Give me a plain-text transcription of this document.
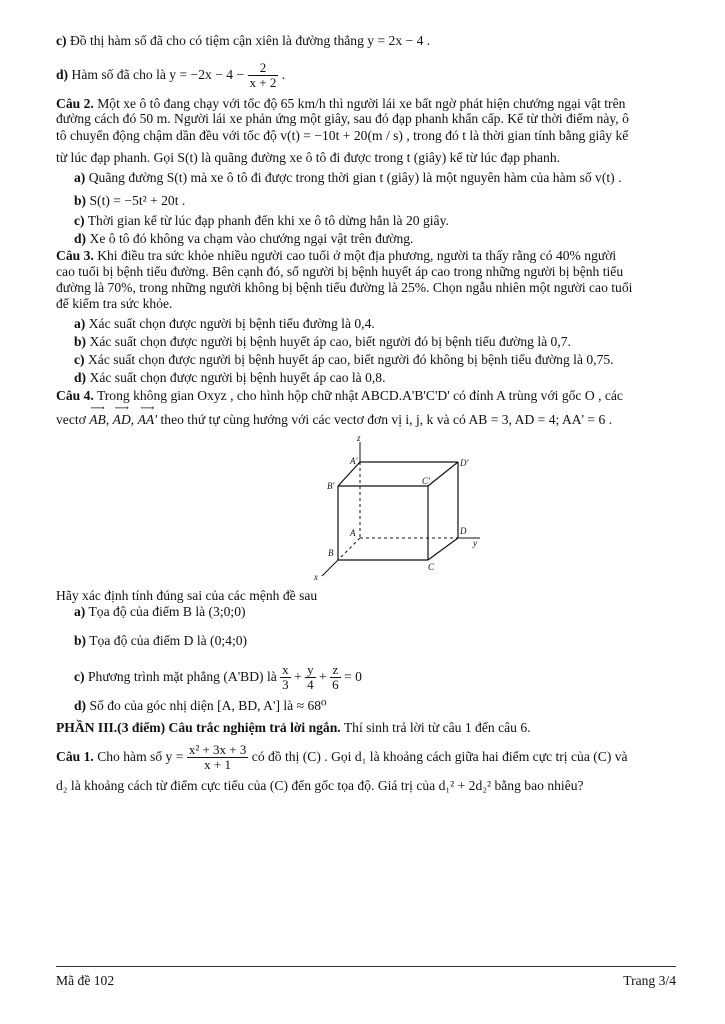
c) Đồ thị hàm số đã cho có tiệm cận xiên là đường thẳng y = 2x − 4 .
d) Hàm số đã cho là $y = -2x - 4 - \frac{2}{x + 2}$ .
Câu 2. Một xe ô tô đang chạy với tốc độ 65 km/h thì người lái xe bất ngờ phát hiện chướng ngại vật trên
đường cách đó 50 m. Người lái xe phản ứng một giây, sau đó đạp phanh khẩn cấp. Kể từ thời điểm này, ô
tô chuyển động chậm dần đều với tốc độ v(t) = −10t + 20(m / s) , trong đó t là thời gian tính bằng giây kể
từ lúc đạp phanh. Gọi S(t) là quãng đường xe ô tô đi được trong t (giây) kể từ lúc đạp phanh.
a) Quãng đường S(t) mà xe ô tô đi được trong thời gian t (giây) là một nguyên hàm của hàm số v(t) .
b) S(t) = −5t² + 20t .
c) Thời gian kể từ lúc đạp phanh đến khi xe ô tô dừng hẳn là 20 giây.
d) Xe ô tô đó không va chạm vào chướng ngại vật trên đường.
Câu 3. Khi điều tra sức khỏe nhiều người cao tuổi ở một địa phương, người ta thấy rằng có 40% người
cao tuổi bị bệnh tiểu đường. Bên cạnh đó, số người bị bệnh huyết áp cao trong những người bị bệnh tiểu
đường là 70%, trong những người không bị bệnh tiểu đường là 25%. Chọn ngẫu nhiên một người cao tuổi
để kiểm tra sức khỏe.
a) Xác suất chọn được người bị bệnh tiểu đường là 0,4.
b) Xác suất chọn được người bị bệnh huyết áp cao, biết người đó bị bệnh tiểu đường là 0,7.
c) Xác suất chọn được người bị bệnh huyết áp cao, biết người đó không bị bệnh tiểu đường là 0,75.
d) Xác suất chọn được người bị bệnh huyết áp cao là 0,8.
Câu 4. Trong không gian Oxyz , cho hình hộp chữ nhật ABCD.A'B'C'D' có đỉnh A trùng với gốc O , các
vectơ ⟶ AB, ⟶ AD, ⟶ AA' theo thứ tự cùng hướng với các vectơ đơn vị i, j, k và có AB = 3, AD = 4; AA' = 6 .
z
y
x
A'
B'	C'
D'
A
B
C
D
Hãy xác định tính đúng sai của các mệnh đề sau
a) Tọa độ của điểm B là (3;0;0)
b) Tọa độ của điểm D là (0;4;0)
c) Phương trình mặt phẳng (A'BD) là $\frac{x}{3} + \frac{y}{4} + \frac{z}{6} = 0$
d) Số đo của góc nhị diện [A, BD, A'] là ≈ 68⁰
PHẦN III.(3 điểm) Câu trắc nghiệm trả lời ngắn. Thí sinh trả lời từ câu 1 đến câu 6.
Câu 1. Cho hàm số $y = \frac{\text{x² + 3x + 3}}{x + 1}$ có đồ thị (C) . Gọi d₁ là khoảng cách giữa hai điểm cực trị của (C) và
d₂ là khoảng cách từ điểm cực tiểu của (C) đến gốc tọa độ. Giá trị của d₁² + 2d₂² bằng bao nhiêu?
Mã đề 102	Trang 3/4
